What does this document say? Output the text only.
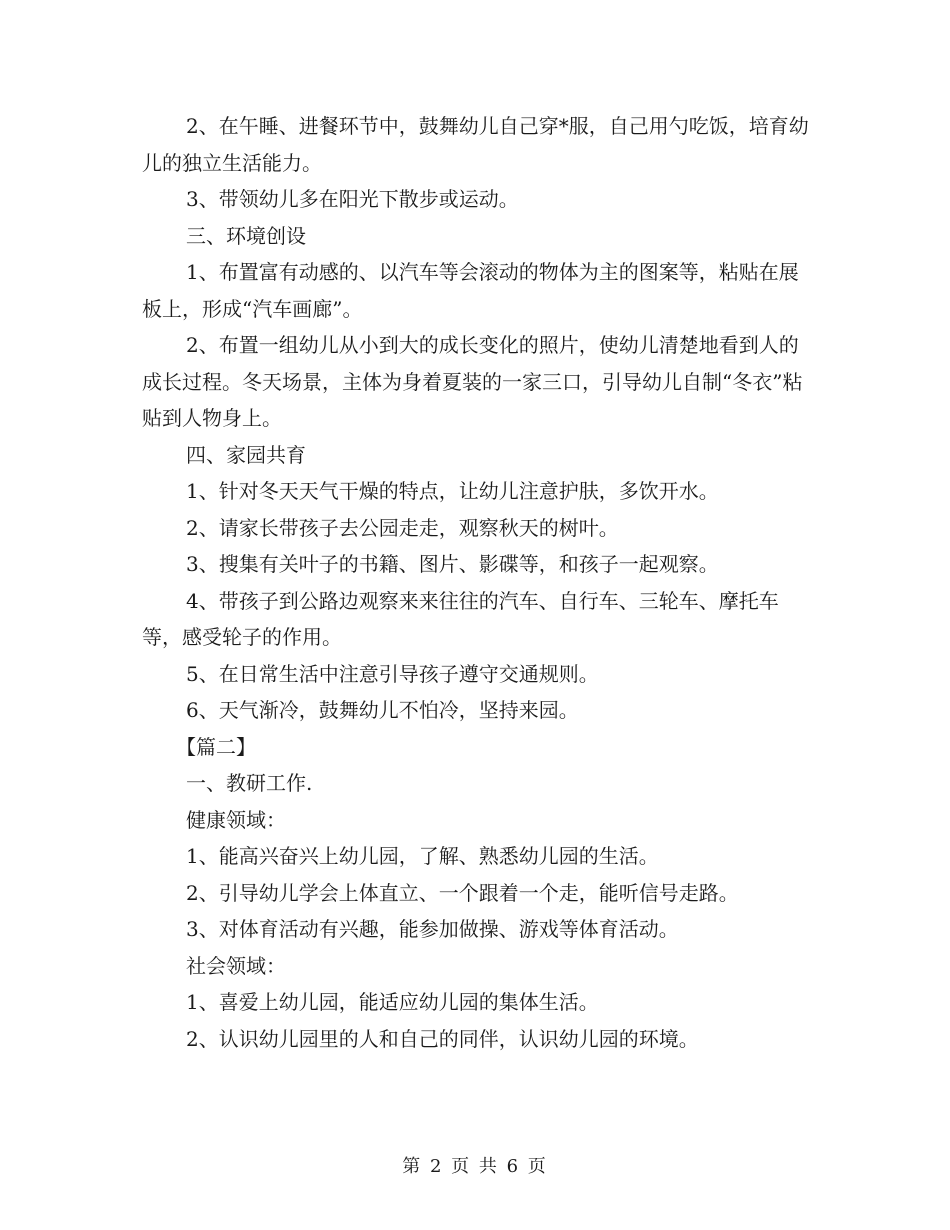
2、在午睡、进餐环节中，鼓舞幼儿自己穿*服，自己用勺吃饭，培育幼儿的独立生活能力。

3、带领幼儿多在阳光下散步或运动。

三、环境创设

1、布置富有动感的、以汽车等会滚动的物体为主的图案等，粘贴在展板上，形成“汽车画廊”。

2、布置一组幼儿从小到大的成长变化的照片，使幼儿清楚地看到人的成长过程。冬天场景，主体为身着夏装的一家三口，引导幼儿自制“冬衣”粘贴到人物身上。

四、家园共育

1、针对冬天天气干燥的特点，让幼儿注意护肤，多饮开水。

2、请家长带孩子去公园走走，观察秋天的树叶。

3、搜集有关叶子的书籍、图片、影碟等，和孩子一起观察。

4、带孩子到公路边观察来来往往的汽车、自行车、三轮车、摩托车等，感受轮子的作用。

5、在日常生活中注意引导孩子遵守交通规则。

6、天气渐冷，鼓舞幼儿不怕冷，坚持来园。

【篇二】

一、教研工作.

健康领域：

1、能高兴奋兴上幼儿园，了解、熟悉幼儿园的生活。

2、引导幼儿学会上体直立、一个跟着一个走，能听信号走路。

3、对体育活动有兴趣，能参加做操、游戏等体育活动。

社会领域：

1、喜爱上幼儿园，能适应幼儿园的集体生活。

2、认识幼儿园里的人和自己的同伴，认识幼儿园的环境。

第 2 页 共 6 页
